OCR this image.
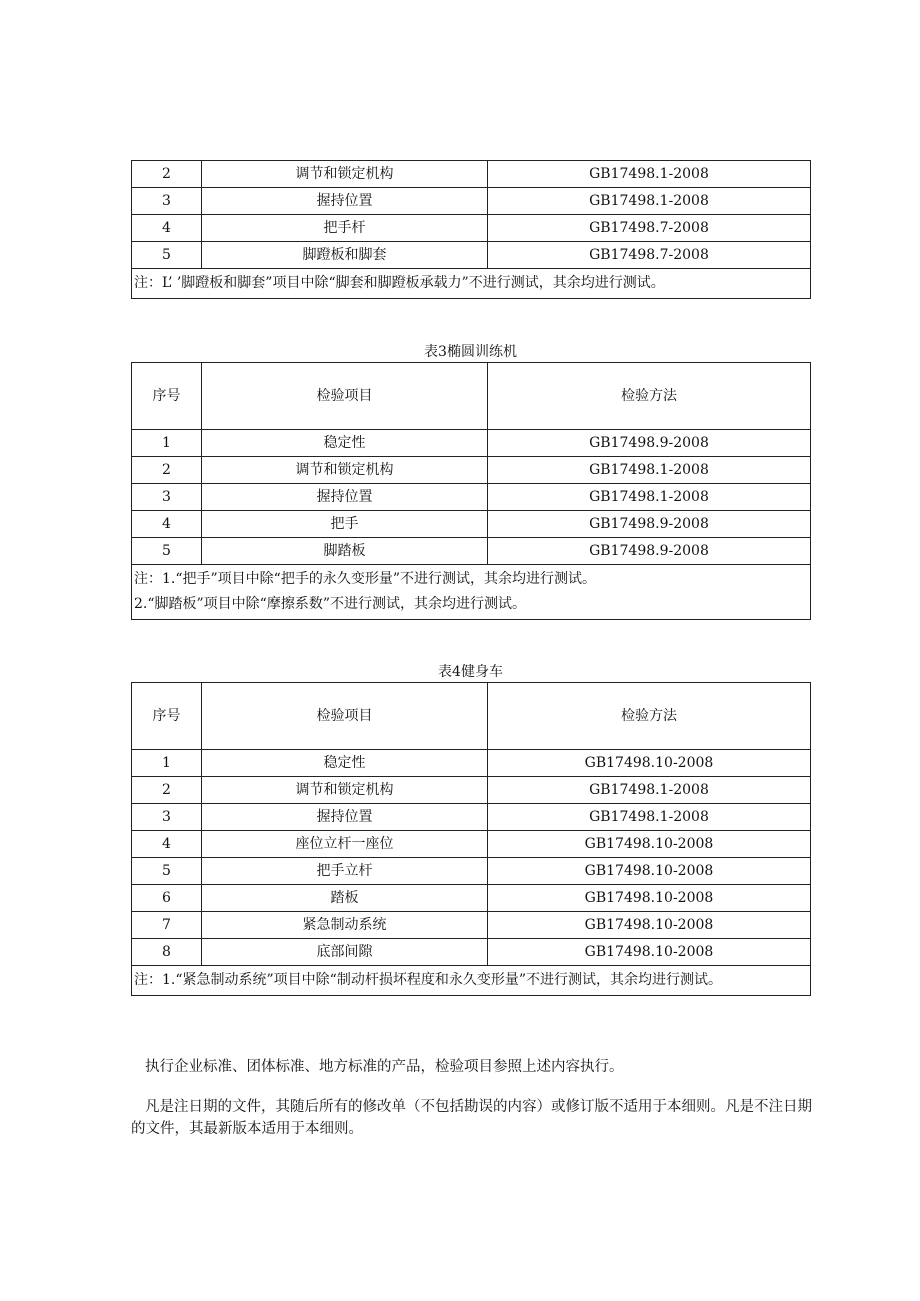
2	调节和锁定机构	GB17498.1-2008
3	握持位置	GB17498.1-2008
4	把手杆	GB17498.7-2008
5	脚蹬板和脚套	GB17498.7-2008

注：L’ ’脚蹬板和脚套”项目中除“脚套和脚蹬板承载力”不进行测试，其余均进行测试。		
表3椭圆训练机
序号	检验项目	检验方法
1	稳定性	GB17498.9-2008
2	调节和锁定机构	GB17498.1-2008
3	握持位置	GB17498.1-2008
4	把手	GB17498.9-2008
5	脚踏板	GB17498.9-2008

注：1.“把手”项目中除“把手的永久变形量”不进行测试，其余均进行测试。
2.“脚踏板”项目中除“摩擦系数”不进行测试，其余均进行测试。		
表4健身车
序号	检验项目	检验方法
1	稳定性	GB17498.10-2008
2	调节和锁定机构	GB17498.1-2008
3	握持位置	GB17498.1-2008
4	座位立杆一座位	GB17498.10-2008
5	把手立杆	GB17498.10-2008
6	踏板	GB17498.10-2008
7	紧急制动系统	GB17498.10-2008
8	底部间隙	GB17498.10-2008

注：1.“紧急制动系统”项目中除“制动杆损坏程度和永久变形量”不进行测试，其余均进行测试。		

执行企业标准、团体标准、地方标准的产品，检验项目参照上述内容执行。

凡是注日期的文件，其随后所有的修改单（不包括勘误的内容）或修订版不适用于本细则。凡是不注日期的文件，其最新版本适用于本细则。
